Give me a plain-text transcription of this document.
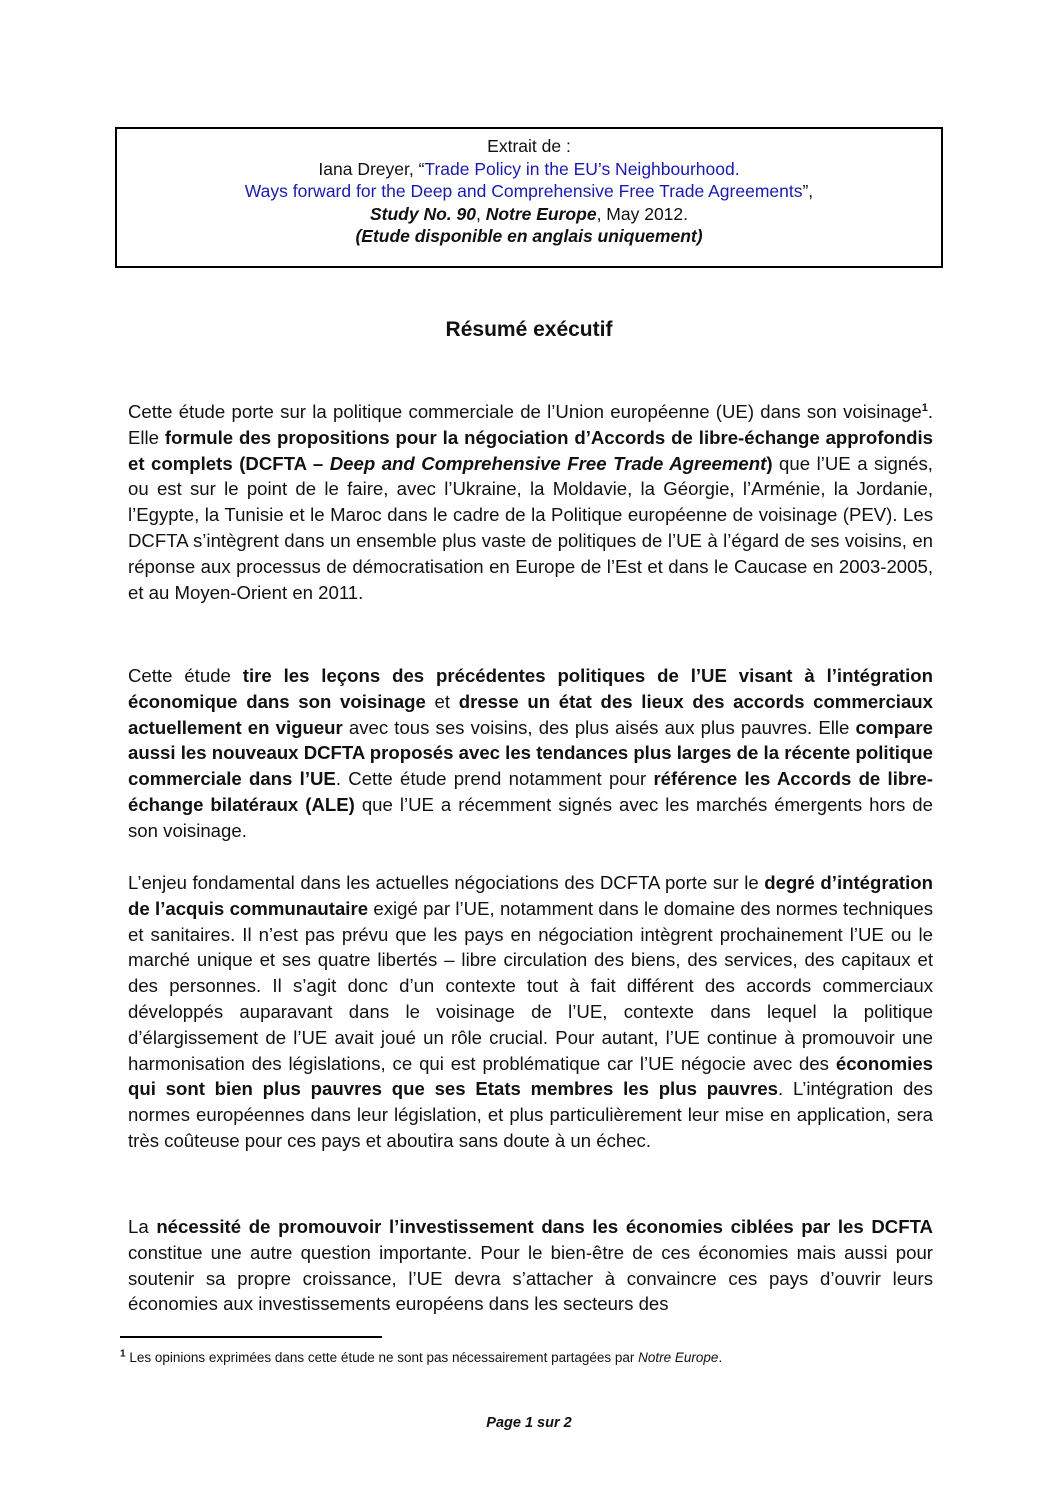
Extrait de :
Iana Dreyer, “Trade Policy in the EU’s Neighbourhood.
Ways forward for the Deep and Comprehensive Free Trade Agreements”,
Study No. 90, Notre Europe, May 2012.
(Etude disponible en anglais uniquement)
Résumé exécutif

Cette étude porte sur la politique commerciale de l’Union européenne (UE) dans son voisinage$^1$. Elle formule des propositions pour la négociation d’Accords de libre-échange approfondis et complets (DCFTA – Deep and Comprehensive Free Trade Agreement) que l’UE a signés, ou est sur le point de le faire, avec l’Ukraine, la Moldavie, la Géorgie, l’Arménie, la Jordanie, l’Egypte, la Tunisie et le Maroc dans le cadre de la Politique européenne de voisinage (PEV). Les DCFTA s’intègrent dans un ensemble plus vaste de politiques de l’UE à l’égard de ses voisins, en réponse aux processus de démocratisation en Europe de l’Est et dans le Caucase en 2003-2005, et au Moyen-Orient en 2011.

Cette étude tire les leçons des précédentes politiques de l’UE visant à l’intégration économique dans son voisinage et dresse un état des lieux des accords commerciaux actuellement en vigueur avec tous ses voisins, des plus aisés aux plus pauvres. Elle compare aussi les nouveaux DCFTA proposés avec les tendances plus larges de la récente politique commerciale dans l’UE. Cette étude prend notamment pour référence les Accords de libre-échange bilatéraux (ALE) que l’UE a récemment signés avec les marchés émergents hors de son voisinage.

L’enjeu fondamental dans les actuelles négociations des DCFTA porte sur le degré d’intégration de l’acquis communautaire exigé par l’UE, notamment dans le domaine des normes techniques et sanitaires. Il n’est pas prévu que les pays en négociation intègrent prochainement l’UE ou le marché unique et ses quatre libertés – libre circulation des biens, des services, des capitaux et des personnes. Il s’agit donc d’un contexte tout à fait différent des accords commerciaux développés auparavant dans le voisinage de l’UE, contexte dans lequel la politique d’élargissement de l’UE avait joué un rôle crucial. Pour autant, l’UE continue à promouvoir une harmonisation des législations, ce qui est problématique car l’UE négocie avec des économies qui sont bien plus pauvres que ses Etats membres les plus pauvres. L’intégration des normes européennes dans leur législation, et plus particulièrement leur mise en application, sera très coûteuse pour ces pays et aboutira sans doute à un échec.

La nécessité de promouvoir l’investissement dans les économies ciblées par les DCFTA constitue une autre question importante. Pour le bien-être de ces économies mais aussi pour soutenir sa propre croissance, l’UE devra s’attacher à convaincre ces pays d’ouvrir leurs économies aux investissements européens dans les secteurs des

$^1$ Les opinions exprimées dans cette étude ne sont pas nécessairement partagées par Notre Europe.
Page 1 sur 2
